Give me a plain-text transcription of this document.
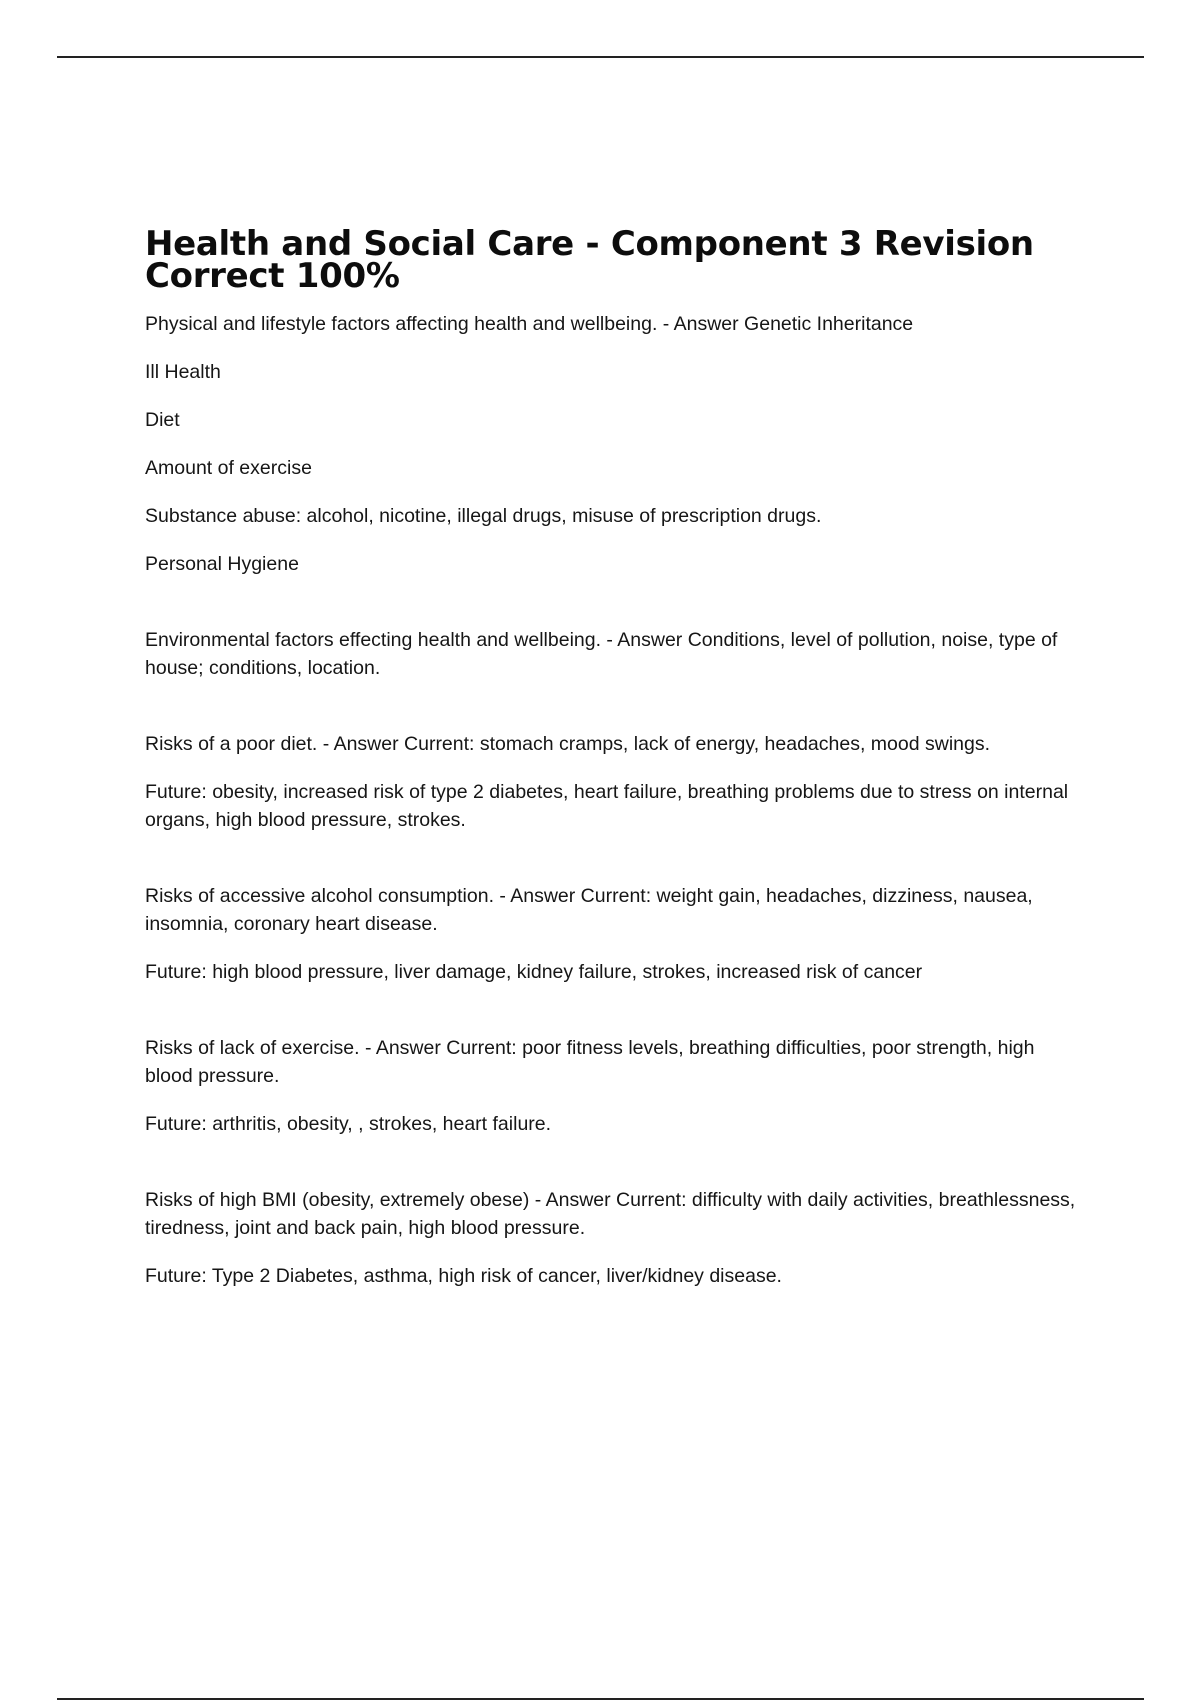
Health and Social Care - Component 3 Revision Correct 100%

Physical and lifestyle factors affecting health and wellbeing. - Answer Genetic Inheritance

Ill Health

Diet

Amount of exercise

Substance abuse: alcohol, nicotine, illegal drugs, misuse of prescription drugs.

Personal Hygiene

Environmental factors effecting health and wellbeing. - Answer Conditions, level of pollution, noise, type of house; conditions, location.

Risks of a poor diet. - Answer Current: stomach cramps, lack of energy, headaches, mood swings.

Future: obesity, increased risk of type 2 diabetes, heart failure, breathing problems due to stress on internal organs, high blood pressure, strokes.

Risks of accessive alcohol consumption. - Answer Current: weight gain, headaches, dizziness, nausea, insomnia, coronary heart disease.

Future: high blood pressure, liver damage, kidney failure, strokes, increased risk of cancer

Risks of lack of exercise. - Answer Current: poor fitness levels, breathing difficulties, poor strength, high blood pressure.

Future: arthritis, obesity, , strokes, heart failure.

Risks of high BMI (obesity, extremely obese) - Answer Current: difficulty with daily activities, breathlessness, tiredness, joint and back pain, high blood pressure.

Future: Type 2 Diabetes, asthma, high risk of cancer, liver/kidney disease.
